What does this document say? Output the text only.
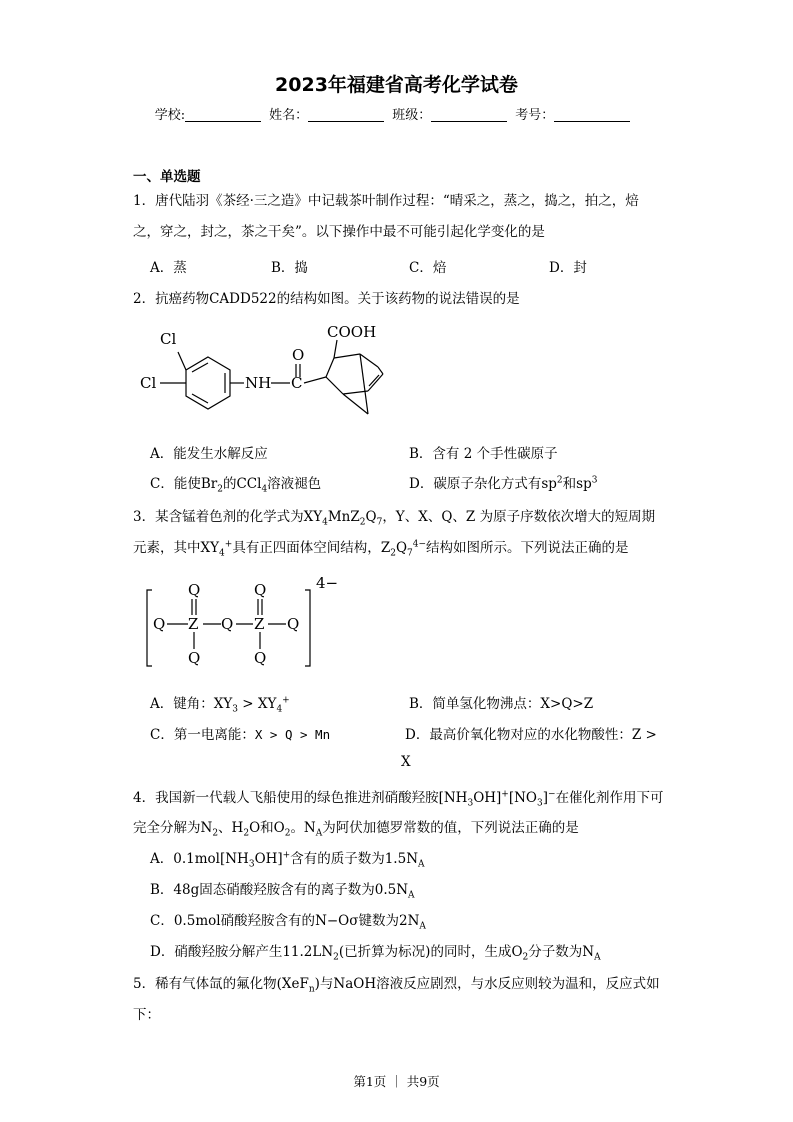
2023年福建省高考化学试卷
学校:	姓名：	班级：	考号：
一、单选题
1．唐代陆羽《茶经·三之造》中记载茶叶制作过程：“晴采之，蒸之，捣之，拍之，焙之，穿之，封之，茶之干矣”。以下操作中最不可能引起化学变化的是
A．蒸	B．捣	C．焙	D．封
2．抗癌药物CADD522的结构如图。关于该药物的说法错误的是
Cl
Cl	NH
O
C
COOH
A．能发生水解反应	B．含有 2 个手性碳原子
C．能使$Br_2$的CCl$_4$溶液褪色	D．碳原子杂化方式有$sp^2$和$sp^3$
3．某含锰着色剂的化学式为$XY_4MnZ_2Q_7$，Y、X、Q、Z 为原子序数依次增大的短周期
元素，其中$XY_4^+$具有正四面体空间结构，$Z_2Q_7^{4-}$结构如图所示。下列说法正确的是
Q	Q
Q Z Q Z Q
Q	Q
4−
A．键角：$XY_3 > XY_4^+$	B．简单氢化物沸点：X>Q>Z
C．第一电离能：X > Q > Mn	D．最高价氧化物对应的水化物酸性：Z >
X
4．我国新一代载人飞船使用的绿色推进剂硝酸羟胺$[NH_3OH]^+[NO_3]^-$在催化剂作用下可
完全分解为$N_2$、$H_2O$和$O_2$。$N_A$为阿伏加德罗常数的值，下列说法正确的是
A．$0.1mol[NH_3OH]^+$含有的质子数为$1.5N_A$
B．48g固态硝酸羟胺含有的离子数为$0.5N_A$
C．0.5mol硝酸羟胺含有的N−Oσ键数为$2N_A$
D．硝酸羟胺分解产生$11.2LN_2$(已折算为标况)的同时，生成$O_2$分子数为$N_A$
5．稀有气体氙的氟化物(XeF$_n$)与NaOH溶液反应剧烈，与水反应则较为温和，反应式如
下：
第1页 ｜ 共9页
